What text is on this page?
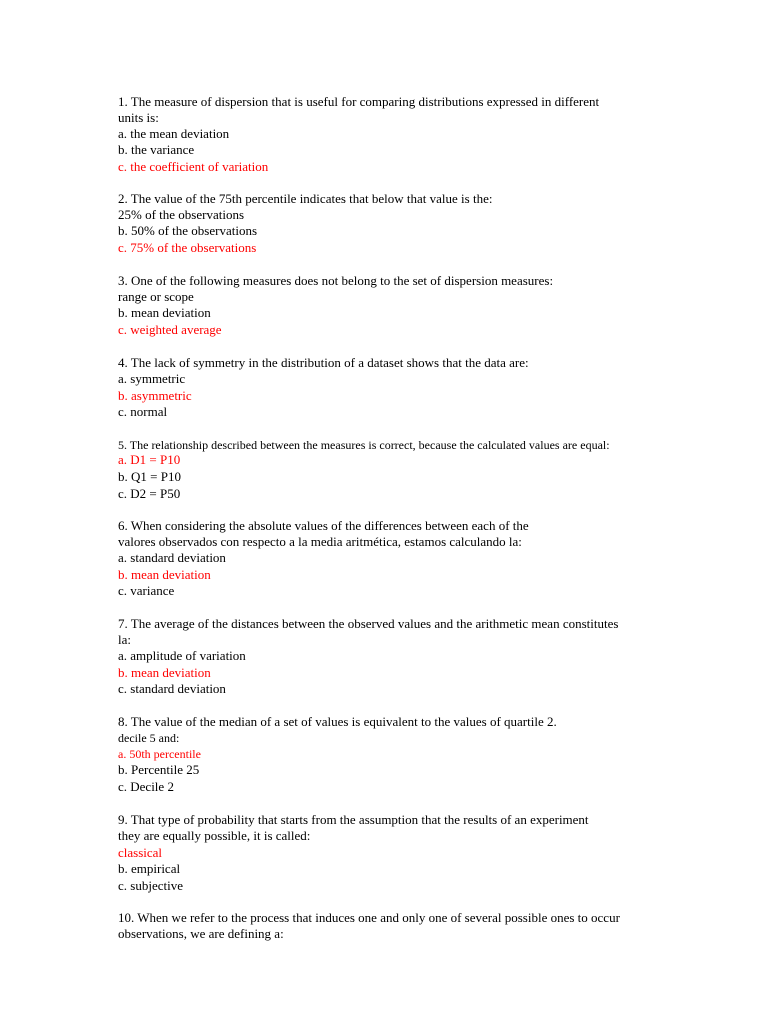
1. The measure of dispersion that is useful for comparing distributions expressed in different
units is:
a. the mean deviation
b. the variance
c. the coefficient of variation
2. The value of the 75th percentile indicates that below that value is the:
25% of the observations
b. 50% of the observations
c. 75% of the observations
3. One of the following measures does not belong to the set of dispersion measures:
range or scope
b. mean deviation
c. weighted average
4. The lack of symmetry in the distribution of a dataset shows that the data are:
a. symmetric
b. asymmetric
c. normal
5. The relationship described between the measures is correct, because the calculated values are equal:
a. D1 = P10
b. Q1 = P10
c. D2 = P50
6. When considering the absolute values of the differences between each of the
valores observados con respecto a la media aritmética, estamos calculando la:
a. standard deviation
b. mean deviation
c. variance
7. The average of the distances between the observed values and the arithmetic mean constitutes
la:
a. amplitude of variation
b. mean deviation
c. standard deviation
8. The value of the median of a set of values is equivalent to the values of quartile 2.
decile 5 and:
a. 50th percentile
b. Percentile 25
c. Decile 2
9. That type of probability that starts from the assumption that the results of an experiment
they are equally possible, it is called:
classical
b. empirical
c. subjective
10. When we refer to the process that induces one and only one of several possible ones to occur
observations, we are defining a:
